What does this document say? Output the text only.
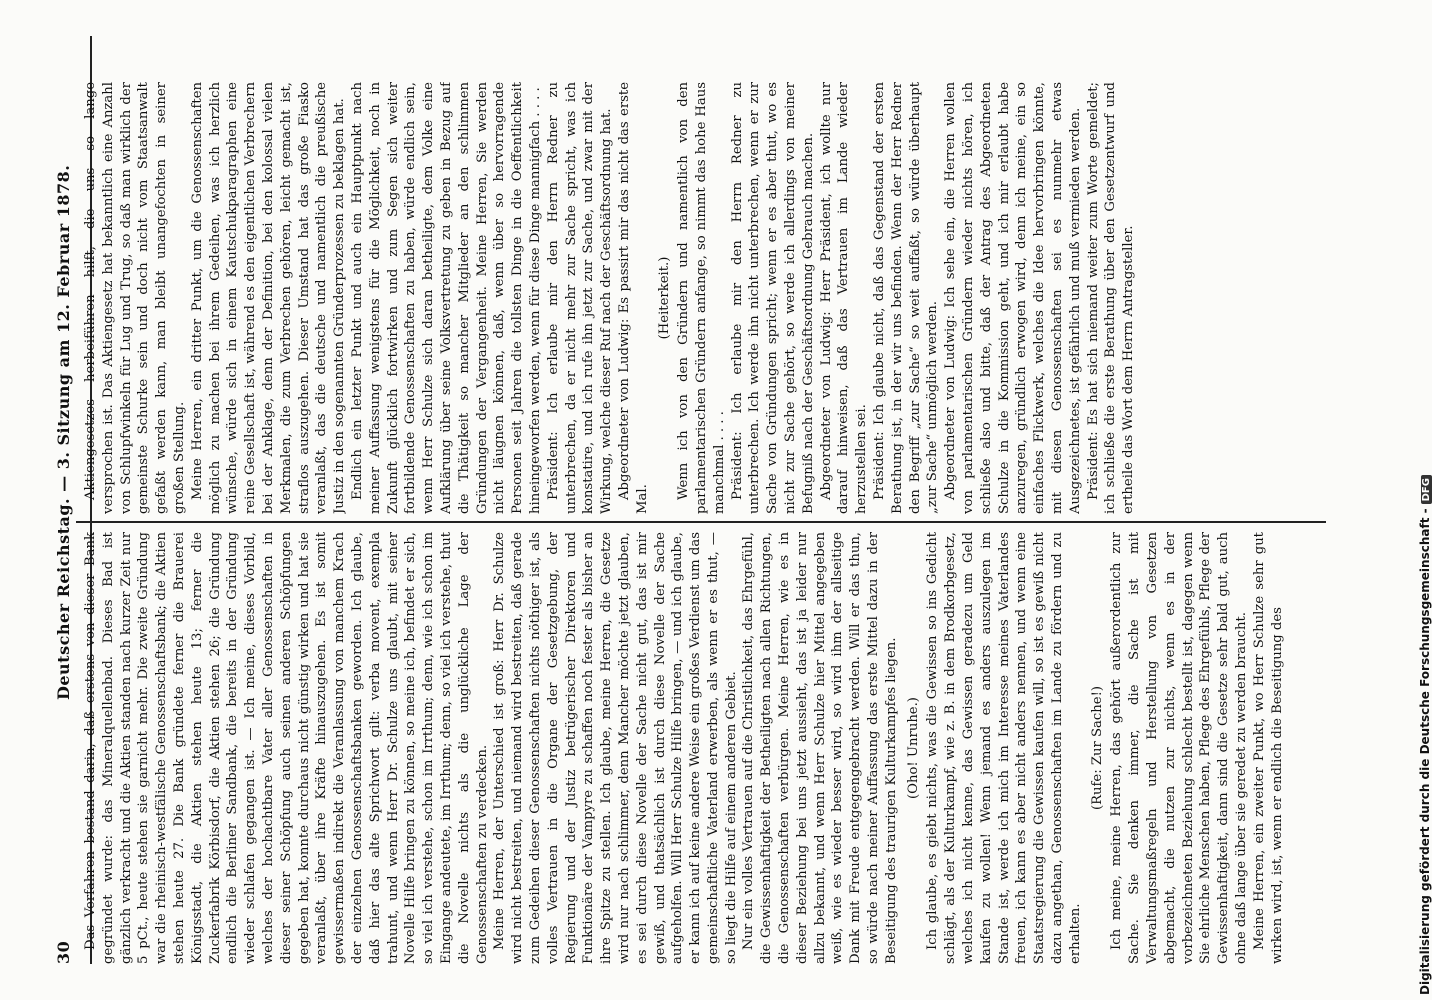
30
Deutscher Reichstag. — 3. Sitzung am 12. Februar 1878.

Das Verfahren bestand darin, daß erstens von dieser Bank gegründet wurde: das Mineralquellenbad. Dieses Bad ist gänzlich verkracht und die Aktien standen nach kurzer Zeit nur 5 pCt., heute stehen sie garnicht mehr. Die zweite Gründung war die rheinisch-westfälische Genossenschaftsbank; die Aktien stehen heute 27. Die Bank gründete ferner die Brauerei Königsstadt, die Aktien stehen heute 13; ferner die Zuckerfabrik Körbisdorf, die Aktien stehen 26; die Gründung endlich die Berliner Sandbank, die bereits in der Gründung wieder schlafen gegangen ist. — Ich meine, dieses Vorbild, welches der hochachtbare Vater aller Genossenschaften in dieser seiner Schöpfung auch seinen anderen Schöpfungen gegeben hat, konnte durchaus nicht günstig wirken und hat sie veranlaßt, über ihre Kräfte hinauszugehen. Es ist somit gewissermaßen indirekt die Veranlassung von manchem Krach der einzelnen Genossenschaftsbanken geworden. Ich glaube, daß hier das alte Sprichwort gilt: verba movent, exempla trahunt, und wenn Herr Dr. Schulze uns glaubt, mit seiner Novelle Hilfe bringen zu können, so meine ich, befindet er sich, so viel ich verstehe, schon im Irrthum; denn, wie ich schon im Eingange andeutete, im Irrthum; denn, so viel ich verstehe, thut die Novelle nichts als die unglückliche Lage der Genossenschaften zu verdecken. Meine Herren, der Unterschied ist groß: Herr Dr. Schulze wird nicht bestreiten, und niemand wird bestreiten, daß gerade zum Gedeihen dieser Genossenschaften nichts nöthiger ist, als volles Vertrauen in die Organe der Gesetzgebung, der Regierung und der Justiz betrügerischer Direktoren und Funktionäre der Vampyre zu schaffen noch fester als bisher an ihre Spitze zu stellen. Ich glaube, meine Herren, die Gesetze wird nur nach schlimmer, denn Mancher möchte jetzt glauben, es sei durch diese Novelle der Sache nicht gut, das ist mir gewiß, und thatsächlich ist durch diese Novelle der Sache aufgeholfen. Will Herr Schulze Hilfe bringen, — und ich glaube, er kann ich auf keine andere Weise ein großes Verdienst um das gemeinschaftliche Vaterland erwerben, als wenn er es thut, — so liegt die Hilfe auf einem anderen Gebiet. Nur ein volles Vertrauen auf die Christlichkeit, das Ehrgefühl, die Gewissenhaftigkeit der Betheiligten nach allen Richtungen, die Genossenschaften verbürgen. Meine Herren, wie es in dieser Beziehung bei uns jetzt aussieht, das ist ja leider nur allzu bekannt, und wenn Herr Schulze hier Mittel angegeben weiß, wie es wieder besser wird, so wird ihm der allseitige Dank mit Freude entgegengebracht werden. Will er das thun, so würde nach meiner Auffassung das erste Mittel dazu in der Beseitigung des traurigen Kulturkampfes liegen. (Oho! Unruhe.) Ich glaube, es giebt nichts, was die Gewissen so ins Gedicht schlägt, als der Kulturkampf, wie z. B. in dem Brodkorbgesetz, welches ich nicht kenne, das Gewissen geradezu um Geld kaufen zu wollen! Wenn jemand es anders auszulegen im Stande ist, werde ich mich im Interesse meines Vaterlandes freuen, ich kann es aber nicht anders nennen, und wenn eine Staatsregierung die Gewissen kaufen will, so ist es gewiß nicht dazu angethan, Genossenschaften im Lande zu fördern und zu erhalten.

(Rufe: Zur Sache!) Ich meine, meine Herren, das gehört außerordentlich zur Sache. Sie denken immer, die Sache ist mit Verwaltungsmaßregeln und Herstellung von Gesetzen abgemacht, die nutzen zur nichts, wenn es in der vorbezeichneten Beziehung schlecht bestellt ist, dagegen wenn Sie ehrliche Menschen haben, Pflege des Ehrgefühls, Pflege der Gewissenhaftigkeit, dann sind die Gesetze sehr bald gut, auch ohne daß lange über sie geredet zu werden braucht. Meine Herren, ein zweiter Punkt, wo Herr Schulze sehr gut wirken wird, ist, wenn er endlich die Beseitigung des

Aktiengesetzes herbeiführen hilft, die uns so lange versprochen ist. Das Aktiengesetz hat bekanntlich eine Anzahl von Schlupfwinkeln für Lug und Trug, so daß man wirklich der gemeinste Schurke sein und doch nicht vom Staatsanwalt gefaßt werden kann, man bleibt unangefochten in seiner großen Stellung. Meine Herren, ein dritter Punkt, um die Genossenschaften möglich zu machen bei ihrem Gedeihen, was ich herzlich wünsche, würde sich in einem Kautschukparagraphen eine reine Gesellschaft ist, während es den eigentlichen Verbrechern bei der Anklage, denn der Definition, bei den kolossal vielen Merkmalen, die zum Verbrechen gehören, leicht gemacht ist, straflos auszugehen. Dieser Umstand hat das große Fiasko veranlaßt, das die deutsche und namentlich die preußische Justiz in den sogenannten Gründerprozessen zu beklagen hat. Endlich ein letzter Punkt und auch ein Hauptpunkt nach meiner Auffassung wenigstens für die Möglichkeit, noch in Zukunft glücklich fortwirken und zum Segen sich weiter fortbildende Genossenschaften zu haben, würde endlich sein, wenn Herr Schulze sich daran betheiligte, dem Volke eine Aufklärung über seine Volksvertretung zu geben in Bezug auf die Thätigkeit so mancher Mitglieder an den schlimmen Gründungen der Vergangenheit. Meine Herren, Sie werden nicht läugnen können, daß, wenn über so hervorragende Personen seit Jahren die tollsten Dinge in die Oeffentlichkeit hineingeworfen werden, wenn für diese Dinge mannigfach . . . . Präsident: Ich erlaube mir den Herrn Redner zu unterbrechen, da er nicht mehr zur Sache spricht, was ich konstatire, und ich rufe ihn jetzt zur Sache, und zwar mit der Wirkung, welche dieser Ruf nach der Geschäftsordnung hat. Abgeordneter von Ludwig: Es passirt mir das nicht das erste Mal.

(Heiterkeit.) Wenn ich von den Gründern und namentlich von den parlamentarischen Gründern anfange, so nimmt das hohe Haus manchmal . . . . Präsident: Ich erlaube mir den Herrn Redner zu unterbrechen. Ich werde ihn nicht unterbrechen, wenn er zur Sache von Gründungen spricht; wenn er es aber thut, wo es nicht zur Sache gehört, so werde ich allerdings von meiner Befugniß nach der Geschäftsordnung Gebrauch machen. Abgeordneter von Ludwig: Herr Präsident, ich wollte nur darauf hinweisen, daß das Vertrauen im Lande wieder herzustellen sei. Präsident: Ich glaube nicht, daß das Gegenstand der ersten Berathung ist, in der wir uns befinden. Wenn der Herr Redner den Begriff „zur Sache“ so weit auffaßt, so würde überhaupt „zur Sache“ unmöglich werden. Abgeordneter von Ludwig: Ich sehe ein, die Herren wollen von parlamentarischen Gründern wieder nichts hören, ich schließe also und bitte, daß der Antrag des Abgeordneten Schulze in die Kommission geht, und ich mir erlaubt habe anzuregen, gründlich erwogen wird, denn ich meine, ein so einfaches Flickwerk, welches die Idee hervorbringen könnte, mit diesen Genossenschaften sei es nunmehr etwas Ausgezeichnetes, ist gefährlich und muß vermieden werden. Präsident: Es hat sich niemand weiter zum Worte gemeldet; ich schließe die erste Berathung über den Gesetzentwurf und ertheile das Wort dem Herrn Antragsteller.

Digitalisierung gefördert durch die Deutsche Forschungsgemeinschaft -DFG
